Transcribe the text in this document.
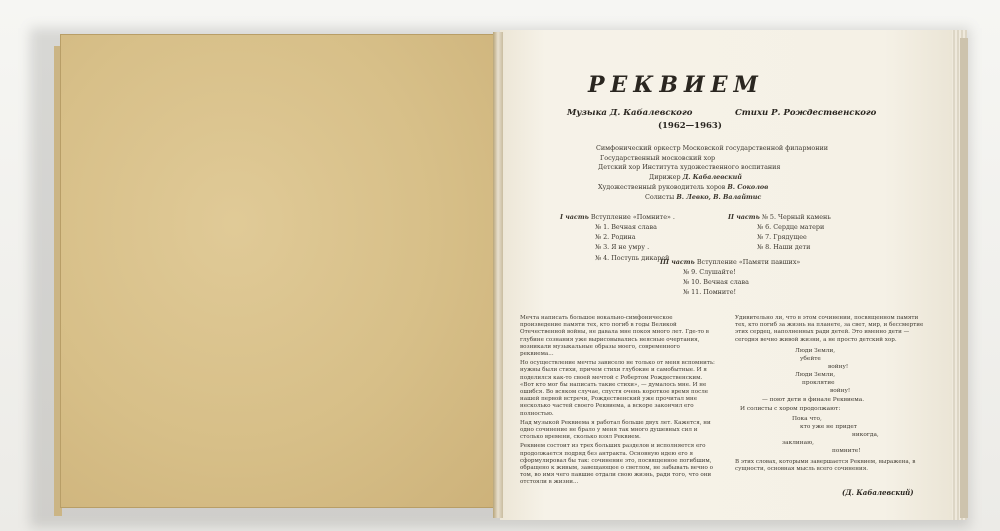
РЕКВИЕМ
Музыка Д. Кабалевского	Стихи Р. Рождественского
(1962—1963)
Симфонический оркестр Московской государственной филармонии
Государственный московский хор
Детский хор Института художественного воспитания
Дирижер Д. Кабалевский
Художественный руководитель хоров В. Соколов
Солисты В. Левко, В. Валайтис
I часть Вступление «Помните» .
№ 1. Вечная слава
№ 2. Родина
№ 3. Я не умру .
№ 4. Поступь дикарей
II часть № 5. Черный камень
№ 6. Сердце матери
№ 7. Грядущее
№ 8. Наши дети
III часть Вступление «Памяти павших»
№ 9. Слушайте!
№ 10. Вечная слава
№ 11. Помните!

Мечта написать большое вокально-симфоническое произведение памяти тех, кто погиб в годы Великой Отечественной войны, не давала мне покоя много лет. Где-то в глубине сознания уже вырисовывались неясные очертания, возникали музыкальные образы моего, современного реквиема...

Но осуществление мечты зависело не только от меня вспомнить: нужны были стихи, причем стихи глубокие и самобытные. И я поделился как-то своей мечтой с Робертом Рождественским. «Вот кто мог бы написать такие стихи», — думалось мне. И не ошибся. Во всяком случае, спустя очень короткое время после нашей первой встречи, Рождественский уже прочитал мне несколько частей своего Реквиема, а вскоре закончил его полностью.

Над музыкой Реквиема я работал больше двух лет. Кажется, ни одно сочинение не брало у меня так много душевных сил и столько времени, сколько взял Реквием.

Реквием состоит из трех больших разделов и исполняется его продолжается подряд без антракта. Основную идею его я сформулировал бы так: сочинение это, посвященное погибшим, обращено к живым, завещающее о светлом, не забывать вечно о том, во имя чего павшие отдали свою жизнь, ради того, что они отстояли в жизни...

Удивительно ли, что в этом сочинении, посвященном памяти тех, кто погиб за жизнь на планете, за свет, мир, и бессмертие этих сердец, наполненных ради детей. Это именно дети — сегодня вечно живой жизни, а не просто детский хор.

Люди Земли,
убейте
войну!
Люди Земли,
проклятие
войну!
— поют дети в финале Реквиема.
И солисты с хором продолжают:
Пока что,
кто уже не придет
никогда,
заклинаю,
помните!

В этих словах, которыми завершается Реквием, выражена, в сущности, основная мысль всего сочинения.

(Д. Кабалевский)
